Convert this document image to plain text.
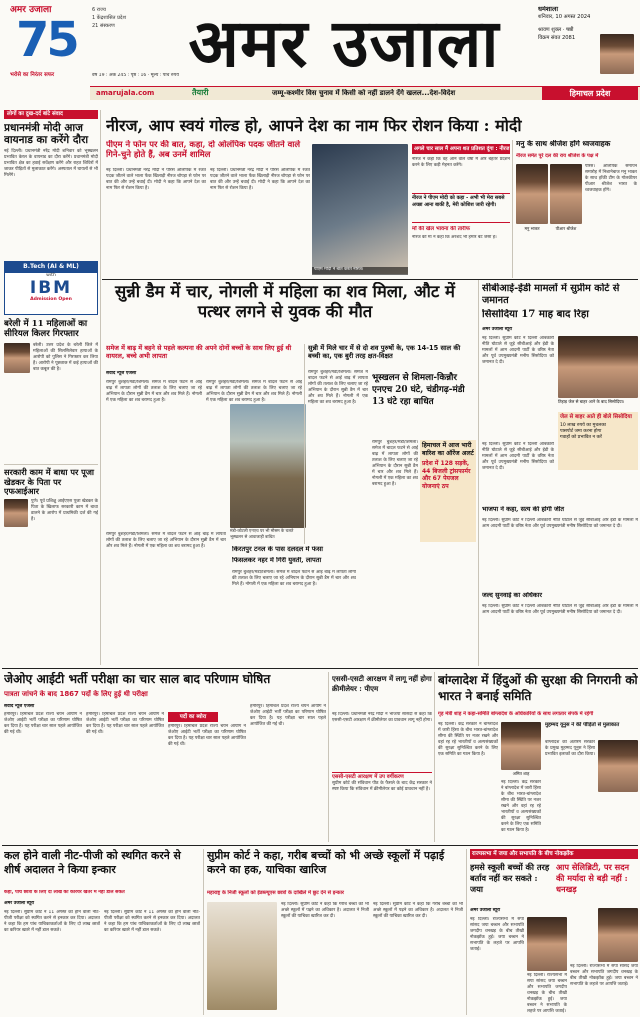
अमर उजाला
75
भरोसे का निरंतर सफर
6 राज्य
1 केंद्रशासित प्रदेश
21 संस्करण	अमर उजाला
वर्ष 19 : अंक 245 : पृष्ठ : 16 · मूल्य : पांच रुपये
धर्मशाला
शनिवार, 10 अगस्त 2024
श्रावण शुक्ल · षष्ठी
विक्रम संवत 2081
amarujala.com	तैयारी	जम्मू-कश्मीर विस चुनाव में किसी को नहीं डालने देंगे खलल...देश-विदेश	हिमाचल प्रदेश
लोगों का दुख-दर्द बांटे संवाद
प्रधानमंत्री मोदी आज वायनाड का करेंगे दौरा
नई दिल्ली। प्रधानमंत्री नरेंद्र मोदी शनिवार को भूस्खलन प्रभावित केरल के वायनाड का दौरा करेंगे। प्रधानमंत्री मोदी प्रभावित क्षेत्र का हवाई सर्वेक्षण करेंगे और राहत शिविरों में जाकर पीड़ितों से मुलाकात करेंगे। अस्पताल में घायलों से भी मिलेंगे।
B.Tech (AI & ML)
with
IBM
Admission Open
बरेली में 11 महिलाओं का सीरियल किलर गिरफ्तार
बरेली। उत्तर प्रदेश के बरेली जिले में महिलाओं की सिलसिलेवार हत्याओं के आरोपी को पुलिस ने गिरफ्तार कर लिया है। आरोपी ने पूछताछ में कई हत्याओं की बात कबूल की है।
सरकारी काम में बाधा पर पूजा खेडकर के पिता पर एफआईआर
पुणे। पूर्व प्रशिक्षु आईएएस पूजा खेडकर के पिता के खिलाफ सरकारी काम में बाधा डालने के आरोप में प्राथमिकी दर्ज की गई है।
नीरज, आप स्वयं गोल्ड हो, आपने देश का नाम फिर रोशन किया : मोदी
पीएम ने फोन पर की बात, कहा, दो ओलंपिक पदक जीतने वाले गिने-चुने होते हैं, अब उनमें शामिल
नई दिल्ली। प्रधानमंत्री नरेंद्र मोदी ने पेरिस ओलंपिक में रजत पदक जीतने वाले भाला फेंक खिलाड़ी नीरज चोपड़ा से फोन पर बात की और उन्हें बधाई दी। मोदी ने कहा कि आपने देश का नाम फिर से रोशन किया है।
नई दिल्ली। प्रधानमंत्री नरेंद्र मोदी ने पेरिस ओलंपिक में रजत पदक जीतने वाले भाला फेंक खिलाड़ी नीरज चोपड़ा से फोन पर बात की और उन्हें बधाई दी। मोदी ने कहा कि आपने देश का नाम फिर से रोशन किया है।
पीएम मोदी ने बात करते नीरज।
अगले चार साल मैं अपना शत प्रतिशत दूंगा : नीरज
नीरज ने कहा कि वह आने वाले वर्षों में और बेहतर प्रदर्शन करने के लिए कड़ी मेहनत करेंगे।
नीरज ने पीएम मोदी को कहा - अभी भी मेरा सबसे अच्छा आना बाकी है, मेरी कोशिश जारी रहेगी।
माँ की खेल भावना की तारीफ
नीरज की मां ने कहा कि अरशद भी हमारे बेटे जैसा है।
मनु के साथ श्रीजेश होंगे ध्वजवाहक
नीरज समेत पूरे दल की राय श्रीजेश के पक्ष में
मनु भाकर	पीआर श्रीजेश
पेरिस। ओलंपिक समापन समारोह में निशानेबाज मनु भाकर के साथ हॉकी टीम के गोलकीपर पीआर श्रीजेश भारत के ध्वजवाहक होंगे।
सुन्नी डैम में चार, नोगली में महिला का शव मिला, औट में पत्थर लगने से युवक की मौत
समेज में बाढ़ में बहने से पहले कल्पना की अपने दोनों बच्चों के साथ लिए हुई थी वायरल, बच्चे अभी लापता
संवाद न्यूज एजेंसी
रामपुर बुशहर/मंडी/शिमला। समेज में बादल फटने से आई बाढ़ में लापता लोगों की तलाश के लिए चलाए जा रहे अभियान के दौरान सुन्नी डैम में चार और शव मिले हैं। नोगली में एक महिला का शव बरामद हुआ है।
रामपुर बुशहर/मंडी/शिमला। समेज में बादल फटने से आई बाढ़ में लापता लोगों की तलाश के लिए चलाए जा रहे अभियान के दौरान सुन्नी डैम में चार और शव मिले हैं। नोगली में एक महिला का शव बरामद हुआ है।
मंडी-कोटली एनएच पर भी मौसम के चलते भूस्खलन से आवाजाही बाधित
रामपुर बुशहर/मंडी/शिमला। समेज में बादल फटने से आई बाढ़ में लापता लोगों की तलाश के लिए चलाए जा रहे अभियान के दौरान सुन्नी डैम में चार और शव मिले हैं। नोगली में एक महिला का शव बरामद हुआ है।	किरतपुर टनल के पास दलदल में फंसा
फिसलकर नहर में गिरी युवती, लापता
रामपुर बुशहर/मंडी/शिमला। समेज में बादल फटने से आई बाढ़ में लापता लोगों की तलाश के लिए चलाए जा रहे अभियान के दौरान सुन्नी डैम में चार और शव मिले हैं। नोगली में एक महिला का शव बरामद हुआ है।
सुन्नी में मिले चार में से दो शव पुरुषों के, एक 14-15 साल की बच्ची का, एक बुरी तरह क्षत-विक्षत
रामपुर बुशहर/मंडी/शिमला। समेज में बादल फटने से आई बाढ़ में लापता लोगों की तलाश के लिए चलाए जा रहे अभियान के दौरान सुन्नी डैम में चार और शव मिले हैं। नोगली में एक महिला का शव बरामद हुआ है।
भूस्खलन से शिमला-किन्नौर एनएच 20 घंटे, चंडीगढ़-मंडी 13 घंटे रहा बाधित
रामपुर बुशहर/मंडी/शिमला। समेज में बादल फटने से आई बाढ़ में लापता लोगों की तलाश के लिए चलाए जा रहे अभियान के दौरान सुन्नी डैम में चार और शव मिले हैं। नोगली में एक महिला का शव बरामद हुआ है।
हिमाचल में आज भारी बारिश का ऑरेंज अलर्ट
प्रदेश में 128 सड़कें, 44 बिजली ट्रांसफार्मर और 67 पेयजल योजनाएं ठप
सीबीआई-ईडी मामलों में सुप्रीम कोर्ट से जमानत
सिसोदिया 17 माह बाद रिहा
अमर उजाला ब्यूरो
नई दिल्ली। सुप्रीम कोर्ट ने दिल्ली आबकारी नीति घोटाले से जुड़े सीबीआई और ईडी के मामलों में आम आदमी पार्टी के वरिष्ठ नेता और पूर्व उपमुख्यमंत्री मनीष सिसोदिया को जमानत दे दी।
तिहाड़ जेल से बाहर आने के बाद सिसोदिया।
जेल से बाहर आते ही बोले सिसोदिया
10 लाख रुपये का मुचलका
पासपोर्ट जमा करना होगा
गवाहों को प्रभावित न करें
नई दिल्ली। सुप्रीम कोर्ट ने दिल्ली आबकारी नीति घोटाले से जुड़े सीबीआई और ईडी के मामलों में आम आदमी पार्टी के वरिष्ठ नेता और पूर्व उपमुख्यमंत्री मनीष सिसोदिया को जमानत दे दी।
भाजपा ने कहा, सत्य की होगी जीत
नई दिल्ली। सुप्रीम कोर्ट ने दिल्ली आबकारी नीति घोटाले से जुड़े सीबीआई और ईडी के मामलों में आम आदमी पार्टी के वरिष्ठ नेता और पूर्व उपमुख्यमंत्री मनीष सिसोदिया को जमानत दे दी।
जल्द सुनवाई का अधिकार
नई दिल्ली। सुप्रीम कोर्ट ने दिल्ली आबकारी नीति घोटाले से जुड़े सीबीआई और ईडी के मामलों में आम आदमी पार्टी के वरिष्ठ नेता और पूर्व उपमुख्यमंत्री मनीष सिसोदिया को जमानत दे दी।
जेओए आईटी भर्ती परीक्षा का चार साल बाद परिणाम घोषित
पात्रता जांचने के बाद 1867 पदों के लिए हुई थी परीक्षा
संवाद न्यूज एजेंसी
हमीरपुर। हिमाचल प्रदेश राज्य चयन आयोग ने जेओए आईटी भर्ती परीक्षा का परिणाम घोषित कर दिया है। यह परीक्षा चार साल पहले आयोजित की गई थी।
हमीरपुर। हिमाचल प्रदेश राज्य चयन आयोग ने जेओए आईटी भर्ती परीक्षा का परिणाम घोषित कर दिया है। यह परीक्षा चार साल पहले आयोजित की गई थी।
पदों का ब्योरा
हमीरपुर। हिमाचल प्रदेश राज्य चयन आयोग ने जेओए आईटी भर्ती परीक्षा का परिणाम घोषित कर दिया है। यह परीक्षा चार साल पहले आयोजित की गई थी।
हमीरपुर। हिमाचल प्रदेश राज्य चयन आयोग ने जेओए आईटी भर्ती परीक्षा का परिणाम घोषित कर दिया है। यह परीक्षा चार साल पहले आयोजित की गई थी।
एससी-एसटी आरक्षण में लागू नहीं होगा क्रीमीलेयर : पीएम
नई दिल्ली। प्रधानमंत्री नरेंद्र मोदी ने भाजपा सांसदों से कहा कि एससी-एसटी आरक्षण में क्रीमीलेयर का प्रावधान लागू नहीं होगा।
एससी-एसटी आरक्षण में उप वर्गीकरण
सुप्रीम कोर्ट की संविधान पीठ के फैसले के बाद केंद्र सरकार ने स्पष्ट किया कि संविधान में क्रीमीलेयर का कोई प्रावधान नहीं है।
बांग्लादेश में हिंदुओं की सुरक्षा की निगरानी को भारत ने बनाई समिति
गृह मंत्री शाह ने कहा-समिति बांग्लादेश के अधिकारियों के साथ लगातार संपर्क में रहेगी
नई दिल्ली। केंद्र सरकार ने बांग्लादेश में जारी हिंसा के बीच भारत-बांग्लादेश सीमा की स्थिति पर नजर रखने और वहां रह रहे भारतीयों व अल्पसंख्यकों की सुरक्षा सुनिश्चित करने के लिए एक समिति का गठन किया है।
अमित शाह
नई दिल्ली। केंद्र सरकार ने बांग्लादेश में जारी हिंसा के बीच भारत-बांग्लादेश सीमा की स्थिति पर नजर रखने और वहां रह रहे भारतीयों व अल्पसंख्यकों की सुरक्षा सुनिश्चित करने के लिए एक समिति का गठन किया है।
मुहम्मद यूनुस ने की पीड़ितों से मुलाकात
बांग्लादेश की अंतरिम सरकार के प्रमुख मुहम्मद यूनुस ने हिंसा प्रभावित इलाकों का दौरा किया।
कल होने वाली नीट-पीजी को स्थगित करने से शीर्ष अदालत ने किया इन्कार
कहा, पांच छात्रों के लिए दो लाख का कैरियर खतरे में नहीं डाल सकते
अमर उजाला ब्यूरो
नई दिल्ली। सुप्रीम कोर्ट ने 11 अगस्त को होने वाली नीट-पीजी परीक्षा को स्थगित करने से इनकार कर दिया। अदालत ने कहा कि हम पांच याचिकाकर्ताओं के लिए दो लाख छात्रों का करियर खतरे में नहीं डाल सकते।
नई दिल्ली। सुप्रीम कोर्ट ने 11 अगस्त को होने वाली नीट-पीजी परीक्षा को स्थगित करने से इनकार कर दिया। अदालत ने कहा कि हम पांच याचिकाकर्ताओं के लिए दो लाख छात्रों का करियर खतरे में नहीं डाल सकते।
सुप्रीम कोर्ट ने कहा, गरीब बच्चों को भी अच्छे स्कूलों में पढ़ाई करने का हक, याचिका खारिज
महाराष्ट्र के निजी स्कूलों को ईडब्ल्यूएस छात्रों के दाखिले में छूट देने से इन्कार
नई दिल्ली। सुप्रीम कोर्ट ने कहा कि गरीब बच्चों को भी अच्छे स्कूलों में पढ़ने का अधिकार है। अदालत ने निजी स्कूलों की याचिका खारिज कर दी।
नई दिल्ली। सुप्रीम कोर्ट ने कहा कि गरीब बच्चों को भी अच्छे स्कूलों में पढ़ने का अधिकार है। अदालत ने निजी स्कूलों की याचिका खारिज कर दी।
राज्यसभा में जया और सभापति के बीच नोकझोंक
हमसे स्कूली बच्चों की तरह बर्ताव नहीं कर सकते : जया
आप सेलिब्रिटी, पर सदन की मर्यादा से बड़ी नहीं : धनखड़
अमर उजाला ब्यूरो
नई दिल्ली। राज्यसभा में सपा सांसद जया बच्चन और सभापति जगदीप धनखड़ के बीच तीखी नोकझोंक हुई। जया बच्चन ने सभापति के लहजे पर आपत्ति जताई।
नई दिल्ली। राज्यसभा में सपा सांसद जया बच्चन और सभापति जगदीप धनखड़ के बीच तीखी नोकझोंक हुई। जया बच्चन ने सभापति के लहजे पर आपत्ति जताई।
नई दिल्ली। राज्यसभा में सपा सांसद जया बच्चन और सभापति जगदीप धनखड़ के बीच तीखी नोकझोंक हुई। जया बच्चन ने सभापति के लहजे पर आपत्ति जताई।
